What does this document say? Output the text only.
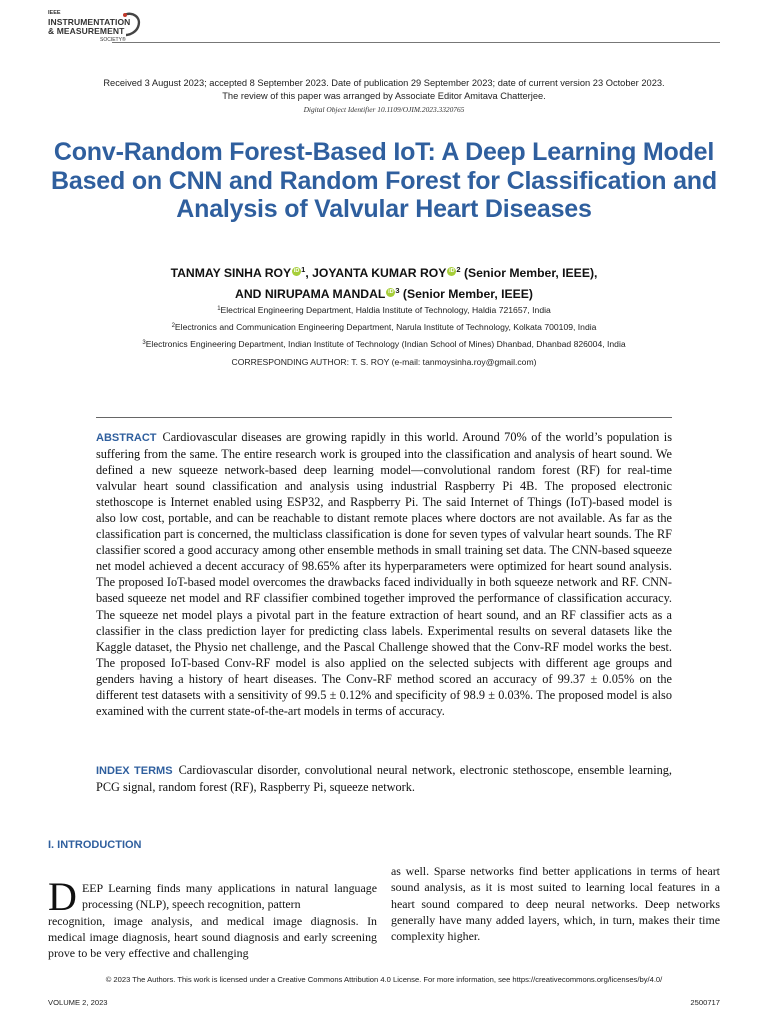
IEEE
INSTRUMENTATION
& MEASUREMENT
SOCIETY®
Received 3 August 2023; accepted 8 September 2023. Date of publication 29 September 2023; date of current version 23 October 2023.
The review of this paper was arranged by Associate Editor Amitava Chatterjee.
Digital Object Identifier 10.1109/OJIM.2023.3320765
Conv-Random Forest-Based IoT: A Deep Learning Model Based on CNN and Random Forest for Classification and Analysis of Valvular Heart Diseases
TANMAY SINHA ROY iD $^1$, JOYANTA KUMAR ROY iD $^2$ (Senior Member, IEEE),
AND NIRUPAMA MANDAL iD $^3$ (Senior Member, IEEE)
$^1$Electrical Engineering Department, Haldia Institute of Technology, Haldia 721657, India
$^2$Electronics and Communication Engineering Department, Narula Institute of Technology, Kolkata 700109, India
$^3$Electronics Engineering Department, Indian Institute of Technology (Indian School of Mines) Dhanbad, Dhanbad 826004, India
CORRESPONDING AUTHOR: T. S. ROY (e-mail: tanmoysinha.roy@gmail.com)
ABSTRACT Cardiovascular diseases are growing rapidly in this world. Around 70% of the world’s population is suffering from the same. The entire research work is grouped into the classification and analysis of heart sound. We defined a new squeeze network-based deep learning model—convolutional random forest (RF) for real-time valvular heart sound classification and analysis using industrial Raspberry Pi 4B. The proposed electronic stethoscope is Internet enabled using ESP32, and Raspberry Pi. The said Internet of Things (IoT)-based model is also low cost, portable, and can be reachable to distant remote places where doctors are not available. As far as the classification part is concerned, the multiclass classification is done for seven types of valvular heart sounds. The RF classifier scored a good accuracy among other ensemble methods in small training set data. The CNN-based squeeze net model achieved a decent accuracy of 98.65% after its hyperparameters were optimized for heart sound analysis. The proposed IoT-based model overcomes the drawbacks faced individually in both squeeze network and RF. CNN-based squeeze net model and RF classifier combined together improved the performance of classification accuracy. The squeeze net model plays a pivotal part in the feature extraction of heart sound, and an RF classifier acts as a classifier in the class prediction layer for predicting class labels. Experimental results on several datasets like the Kaggle dataset, the Physio net challenge, and the Pascal Challenge showed that the Conv-RF model works the best. The proposed IoT-based Conv-RF model is also applied on the selected subjects with different age groups and genders having a history of heart diseases. The Conv-RF method scored an accuracy of 99.37 ± 0.05% on the different test datasets with a sensitivity of 99.5 ± 0.12% and specificity of 98.9 ± 0.03%. The proposed model is also examined with the current state-of-the-art models in terms of accuracy.
INDEX TERMS Cardiovascular disorder, convolutional neural network, electronic stethoscope, ensemble learning, PCG signal, random forest (RF), Raspberry Pi, squeeze network.
I. INTRODUCTION
D EEP Learning finds many applications in natural language processing (NLP), speech recognition, pattern
recognition, image analysis, and medical image diagnosis. In medical image diagnosis, heart sound diagnosis and early screening prove to be very effective and challenging
as well. Sparse networks find better applications in terms of heart sound analysis, as it is most suited to learning local features in a heart sound compared to deep neural networks. Deep networks generally have many added layers, which, in turn, makes their time complexity higher.
© 2023 The Authors. This work is licensed under a Creative Commons Attribution 4.0 License. For more information, see https://creativecommons.org/licenses/by/4.0/
VOLUME 2, 2023	2500717
